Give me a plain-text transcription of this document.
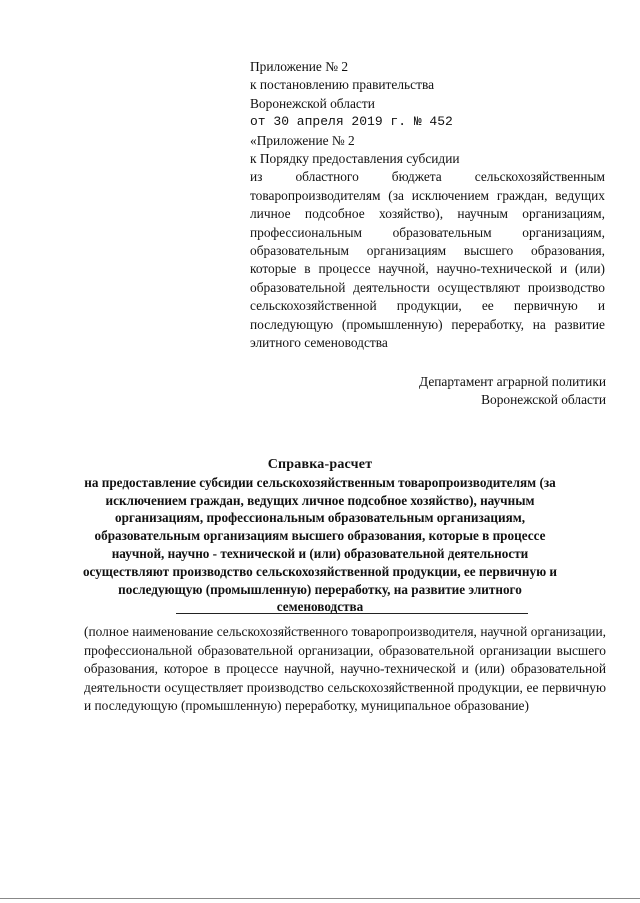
Приложение № 2
к постановлению правительства
Воронежской области
от 30 апреля 2019 г. № 452
«Приложение № 2
к Порядку предоставления субсидии
из областного бюджета сельскохозяйственным товаропроизводителям (за исключением граждан, ведущих личное подсобное хозяйство), научным организациям, профессиональным образовательным организациям, образовательным организациям высшего образования, которые в процессе научной, научно-технической и (или) образовательной деятельности осуществляют производство сельскохозяйственной продукции, ее первичную и последующую (промышленную) переработку, на развитие элитного семеноводства
Департамент аграрной политики
Воронежской области
Справка-расчет
на предоставление субсидии сельскохозяйственным товаропроизводителям (за исключением граждан, ведущих личное подсобное хозяйство), научным организациям, профессиональным образовательным организациям, образовательным организациям высшего образования, которые в процессе научной, научно - технической и (или) образовательной деятельности осуществляют производство сельскохозяйственной продукции, ее первичную и последующую (промышленную) переработку, на развитие элитного семеноводства
(полное наименование сельскохозяйственного товаропроизводителя, научной организации, профессиональной образовательной организации, образовательной организации высшего образования, которое в процессе научной, научно-технической и (или) образовательной деятельности осуществляет производство сельскохозяйственной продукции, ее первичную и последующую (промышленную) переработку, муниципальное образование)
